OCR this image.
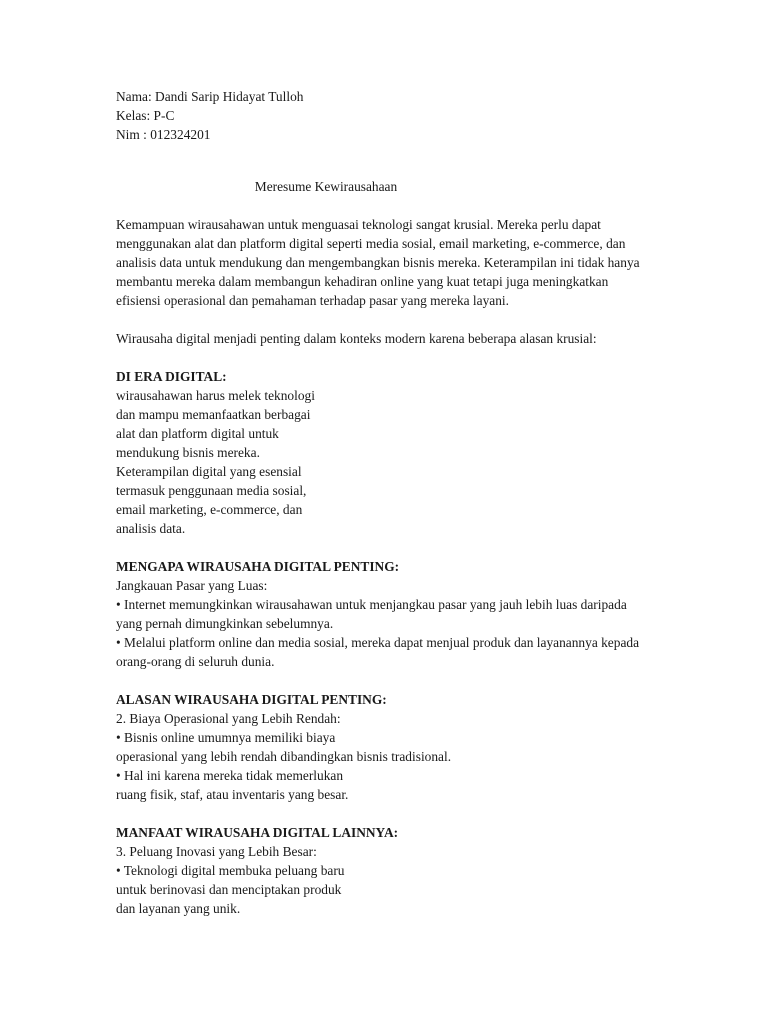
Nama: Dandi Sarip Hidayat Tulloh
Kelas: P-C
Nim : 012324201
Meresume Kewirausahaan
Kemampuan wirausahawan untuk menguasai teknologi sangat krusial. Mereka perlu dapat
menggunakan alat dan platform digital seperti media sosial, email marketing, e-commerce, dan
analisis data untuk mendukung dan mengembangkan bisnis mereka. Keterampilan ini tidak hanya
membantu mereka dalam membangun kehadiran online yang kuat tetapi juga meningkatkan
efisiensi operasional dan pemahaman terhadap pasar yang mereka layani.
Wirausaha digital menjadi penting dalam konteks modern karena beberapa alasan krusial:
DI ERA DIGITAL:
wirausahawan harus melek teknologi
dan mampu memanfaatkan berbagai
alat dan platform digital untuk
mendukung bisnis mereka.
Keterampilan digital yang esensial
termasuk penggunaan media sosial,
email marketing, e-commerce, dan
analisis data.
MENGAPA WIRAUSAHA DIGITAL PENTING:
Jangkauan Pasar yang Luas:
• Internet memungkinkan wirausahawan untuk menjangkau pasar yang jauh lebih luas daripada
yang pernah dimungkinkan sebelumnya.
• Melalui platform online dan media sosial, mereka dapat menjual produk dan layanannya kepada
orang-orang di seluruh dunia.
ALASAN WIRAUSAHA DIGITAL PENTING:
2. Biaya Operasional yang Lebih Rendah:
• Bisnis online umumnya memiliki biaya
operasional yang lebih rendah dibandingkan bisnis tradisional.
• Hal ini karena mereka tidak memerlukan
ruang fisik, staf, atau inventaris yang besar.
MANFAAT WIRAUSAHA DIGITAL LAINNYA:
3. Peluang Inovasi yang Lebih Besar:
• Teknologi digital membuka peluang baru
untuk berinovasi dan menciptakan produk
dan layanan yang unik.
